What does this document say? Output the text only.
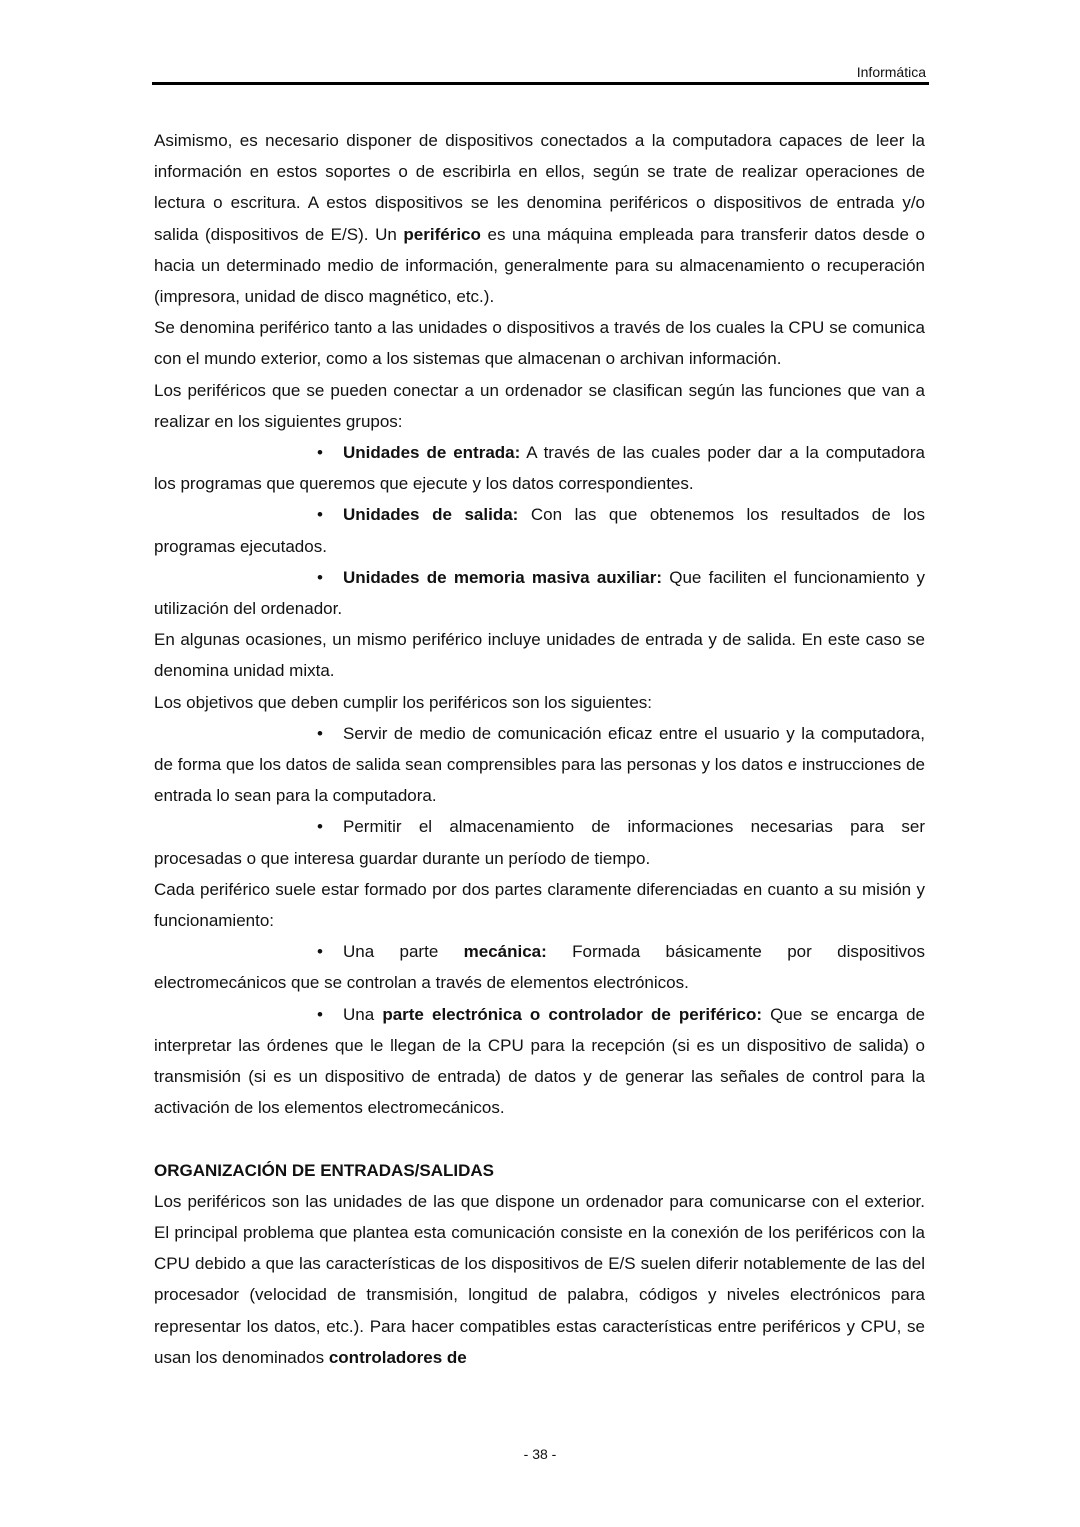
Informática

Asimismo, es necesario disponer de dispositivos conectados a la computadora capaces de leer la información en estos soportes o de escribirla en ellos, según se trate de realizar operaciones de lectura o escritura. A estos dispositivos se les denomina periféricos o dispositivos de entrada y/o salida (dispositivos de E/S). Un periférico es una máquina empleada para transferir datos desde o hacia un determinado medio de información, generalmente para su almacenamiento o recuperación (impresora, unidad de disco magnético, etc.).

Se denomina periférico tanto a las unidades o dispositivos a través de los cuales la CPU se comunica con el mundo exterior, como a los sistemas que almacenan o archivan información.

Los periféricos que se pueden conectar a un ordenador se clasifican según las funciones que van a realizar en los siguientes grupos:

• Unidades de entrada: A través de las cuales poder dar a la computadora los programas que queremos que ejecute y los datos correspondientes.

• Unidades de salida: Con las que obtenemos los resultados de los programas ejecutados.

• Unidades de memoria masiva auxiliar: Que faciliten el funcionamiento y utilización del ordenador.

En algunas ocasiones, un mismo periférico incluye unidades de entrada y de salida. En este caso se denomina unidad mixta.

Los objetivos que deben cumplir los periféricos son los siguientes:

• Servir de medio de comunicación eficaz entre el usuario y la computadora, de forma que los datos de salida sean comprensibles para las personas y los datos e instrucciones de entrada lo sean para la computadora.

• Permitir el almacenamiento de informaciones necesarias para ser procesadas o que interesa guardar durante un período de tiempo.

Cada periférico suele estar formado por dos partes claramente diferenciadas en cuanto a su misión y funcionamiento:

• Una parte mecánica: Formada básicamente por dispositivos electromecánicos que se controlan a través de elementos electrónicos.

• Una parte electrónica o controlador de periférico: Que se encarga de interpretar las órdenes que le llegan de la CPU para la recepción (si es un dispositivo de salida) o transmisión (si es un dispositivo de entrada) de datos y de generar las señales de control para la activación de los elementos electromecánicos.

ORGANIZACIÓN DE ENTRADAS/SALIDAS

Los periféricos son las unidades de las que dispone un ordenador para comunicarse con el exterior. El principal problema que plantea esta comunicación consiste en la conexión de los periféricos con la CPU debido a que las características de los dispositivos de E/S suelen diferir notablemente de las del procesador (velocidad de transmisión, longitud de palabra, códigos y niveles electrónicos para representar los datos, etc.). Para hacer compatibles estas características entre periféricos y CPU, se usan los denominados controladores de

- 38 -
